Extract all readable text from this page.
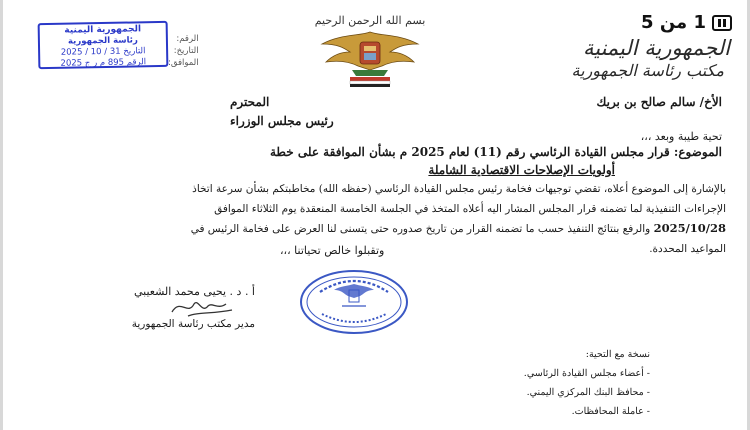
1 من 5
الجمهورية اليمنية
مكتب رئاسة الجمهورية
بسم الله الرحمن الرحيم
الجمهورية اليمنية
رئاسة الجمهورية
التاريخ 31 / 10 / 2025
الرقم 895 م ر ج 2025
الرقم:
التاريخ:
الموافق:
الأخ/ سالم صالح بن بريك
المحترم
رئيس مجلس الوزراء
تحية طيبة وبعد ،،،
الموضوع: قرار مجلس القيادة الرئاسي رقم (11) لعام 2025 م بشأن الموافقة على خطة
أولويات الإصلاحات الاقتصادية الشاملة
بالإشارة إلى الموضوع أعلاه، تقضي توجيهات فخامة رئيس مجلس القيادة الرئاسي (حفظه الله) مخاطبتكم بشأن سرعة اتخاذ
الإجراءات التنفيذية لما تضمنه قرار المجلس المشار اليه أعلاه المتخذ في الجلسة الخامسة المنعقدة يوم الثلاثاء الموافق
2025/10/28 والرفع بنتائج التنفيذ حسب ما تضمنه القرار من تاريخ صدوره حتى يتسنى لنا العرض على فخامة الرئيس في
المواعيد المحددة.
وتقبلوا خالص تحياتنا ،،،
أ . د . يحيى محمد الشعيبي
مدير مكتب رئاسة الجمهورية
نسخة مع التحية:
- أعضاء مجلس القيادة الرئاسي.
- محافظ البنك المركزي اليمني.
- عاملة المحافظات.
